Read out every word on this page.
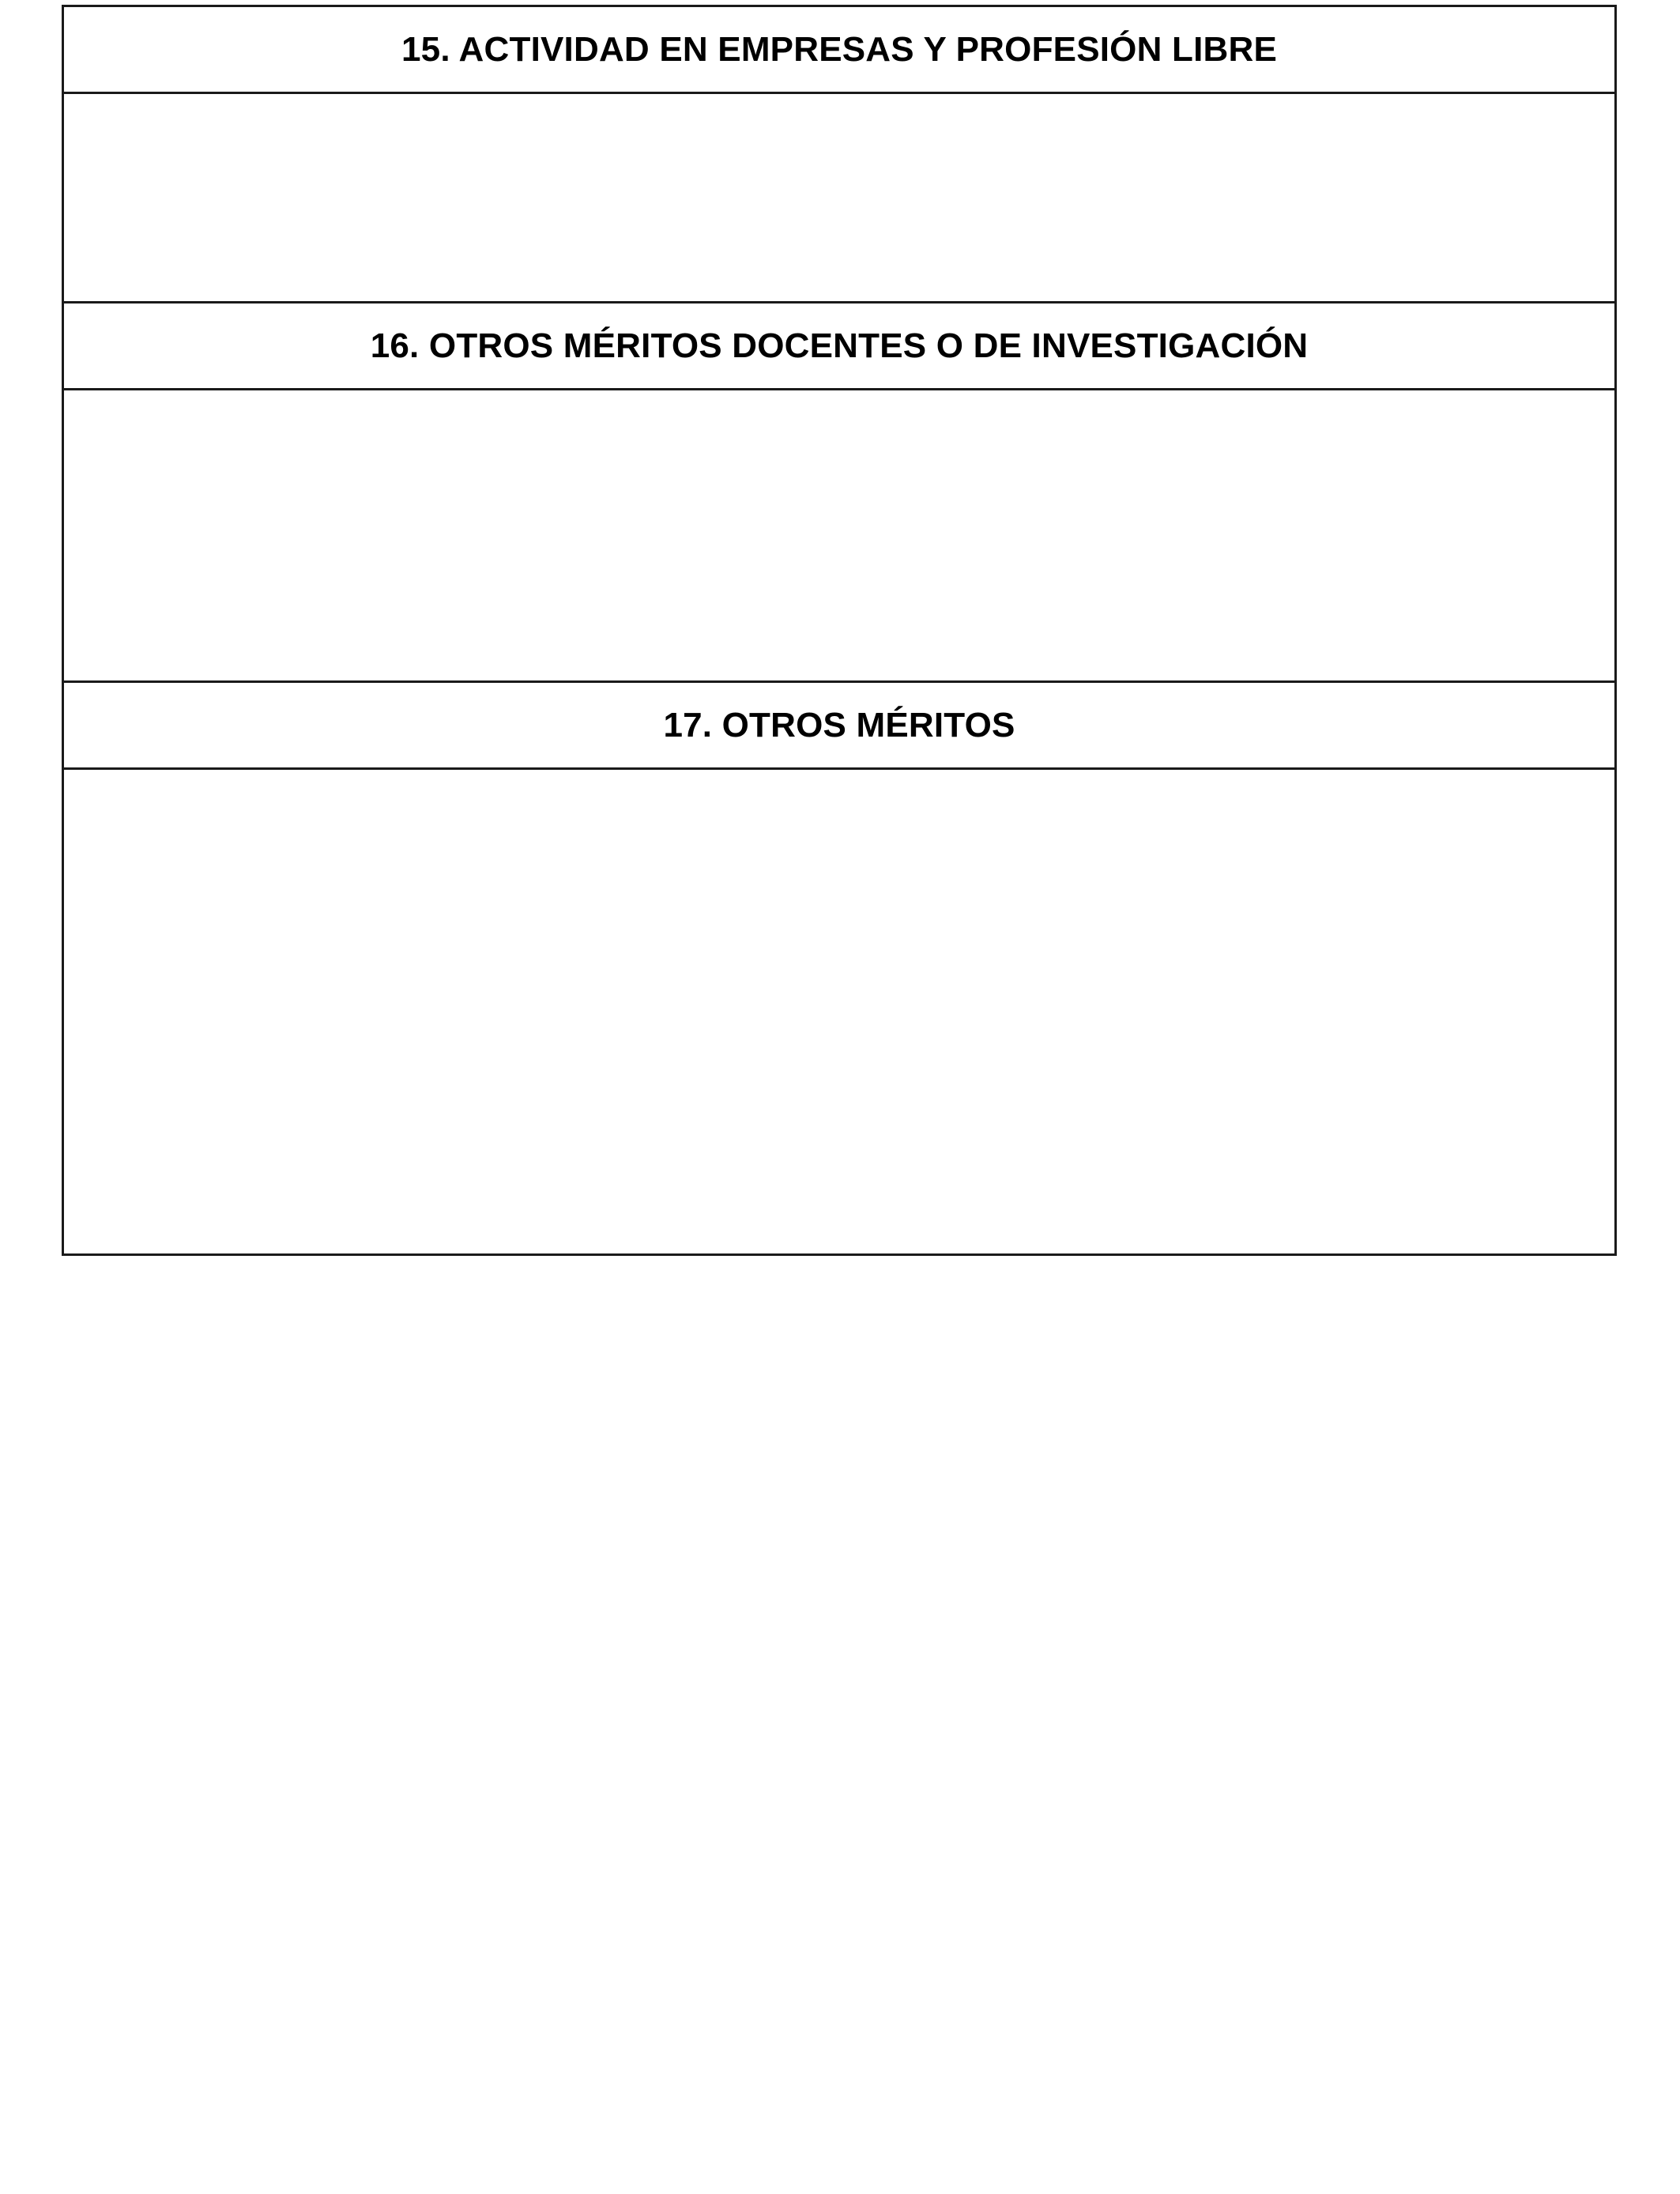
15. ACTIVIDAD EN EMPRESAS Y PROFESIÓN LIBRE
16. OTROS MÉRITOS DOCENTES O DE INVESTIGACIÓN
17. OTROS MÉRITOS
